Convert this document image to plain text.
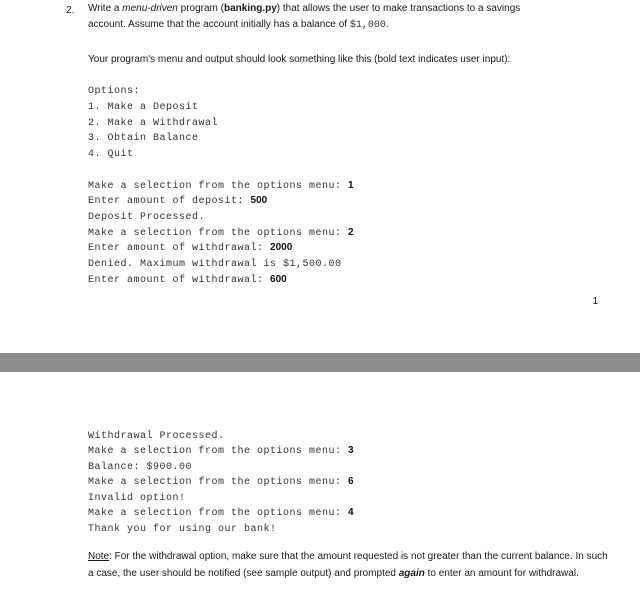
2. Write a menu-driven program (banking.py) that allows the user to make transactions to a savings
account. Assume that the account initially has a balance of $1,000.
Your program's menu and output should look something like this (bold text indicates user input):
Options:
1. Make a Deposit
2. Make a Withdrawal
3. Obtain Balance
4. Quit
Make a selection from the options menu: 1
Enter amount of deposit: 500
Deposit Processed.
Make a selection from the options menu: 2
Enter amount of withdrawal: 2000
Denied. Maximum withdrawal is $1,500.00
Enter amount of withdrawal: 600
1
Withdrawal Processed.
Make a selection from the options menu: 3
Balance: $900.00
Make a selection from the options menu: 6
Invalid option!
Make a selection from the options menu: 4
Thank you for using our bank!
Note: For the withdrawal option, make sure that the amount requested is not greater than the current balance. In such a case, the user should be notified (see sample output) and prompted again to enter an amount for withdrawal.
